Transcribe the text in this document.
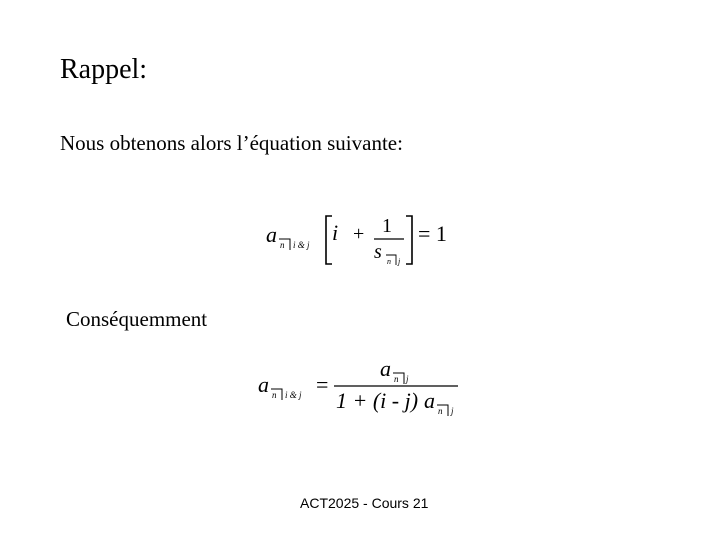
Rappel:
Nous obtenons alors l’équation suivante:
a n i & j i + 1
s n j
= 1
Conséquemment
a n i & j =
a n j
1 + (i - j) a n j
ACT2025 - Cours 21
